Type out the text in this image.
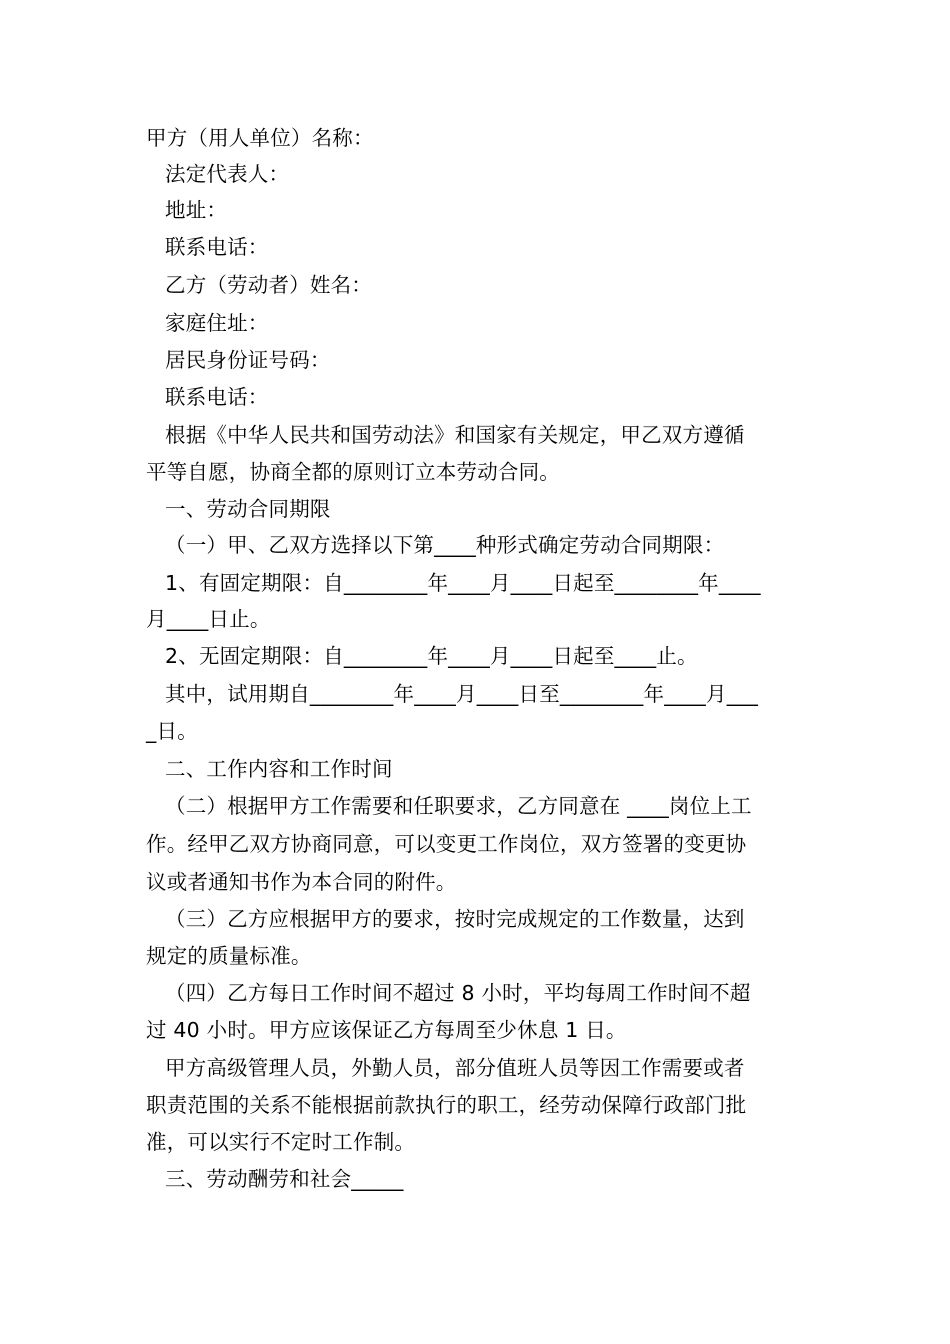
甲方（用人单位）名称：
法定代表人：
地址：
联系电话：
乙方（劳动者）姓名：
家庭住址：
居民身份证号码：
联系电话：
根据《中华人民共和国劳动法》和国家有关规定，甲乙双方遵循
平等自愿，协商全都的原则订立本劳动合同。
一、劳动合同期限
（一）甲、乙双方选择以下第____种形式确定劳动合同期限：
1、有固定期限：自________年____月____日起至________年____
月____日止。
2、无固定期限：自________年____月____日起至____止。
其中，试用期自________年____月____日至________年____月___
_日。
二、工作内容和工作时间
（二）根据甲方工作需要和任职要求，乙方同意在 ____岗位上工
作。经甲乙双方协商同意，可以变更工作岗位，双方签署的变更协
议或者通知书作为本合同的附件。
（三）乙方应根据甲方的要求，按时完成规定的工作数量，达到
规定的质量标准。
（四）乙方每日工作时间不超过 8 小时，平均每周工作时间不超
过 40 小时。甲方应该保证乙方每周至少休息 1 日。
甲方高级管理人员，外勤人员，部分值班人员等因工作需要或者
职责范围的关系不能根据前款执行的职工，经劳动保障行政部门批
准，可以实行不定时工作制。
三、劳动酬劳和社会_____
